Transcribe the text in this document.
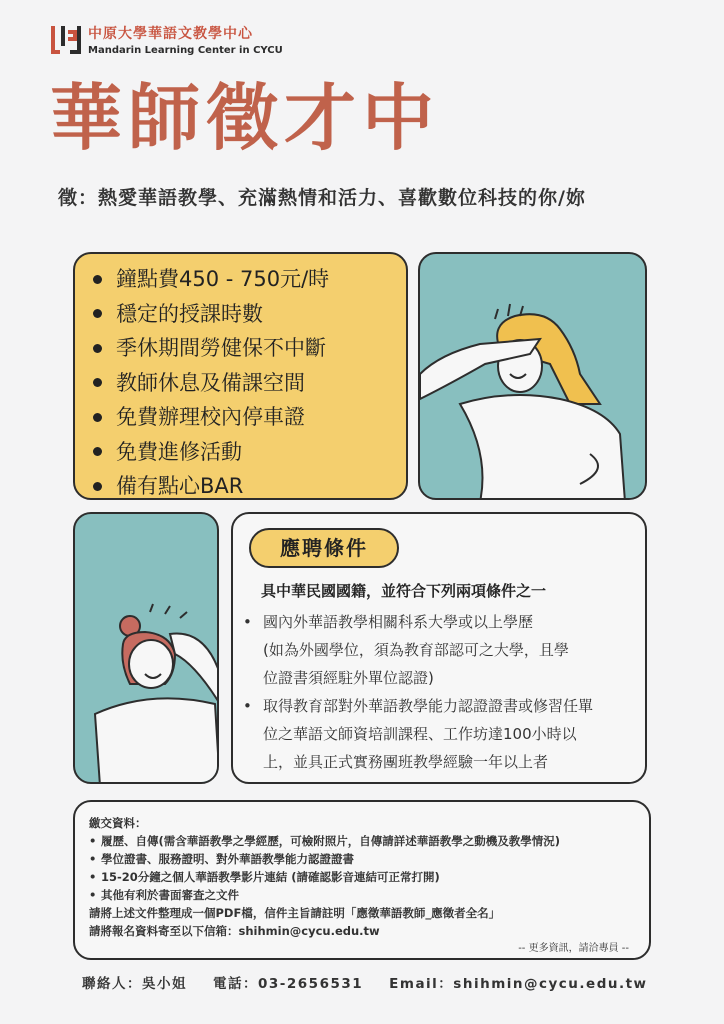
中原大學華語文教學中心
Mandarin Learning Center in CYCU
華師徵才中
徵：熱愛華語教學、充滿熱情和活力、喜歡數位科技的你/妳
鐘點費450 - 750元/時
穩定的授課時數
季休期間勞健保不中斷
教師休息及備課空間
免費辦理校內停車證
免費進修活動
備有點心BAR
應聘條件
具中華民國國籍，並符合下列兩項條件之一
• 國內外華語教學相關科系大學或以上學歷
(如為外國學位，須為教育部認可之大學，且學
位證書須經駐外單位認證)
• 取得教育部對外華語教學能力認證證書或修習任單
位之華語文師資培訓課程、工作坊達100小時以
上，並具正式實務團班教學經驗一年以上者

繳交資料：

• 履歷、自傳(需含華語教學之學經歷，可檢附照片，自傳請詳述華語教學之動機及教學情況)
• 學位證書、服務證明、對外華語教學能力認證證書
• 15-20分鐘之個人華語教學影片連結 (請確認影音連結可正常打開)
• 其他有利於書面審查之文件

請將上述文件整理成一個PDF檔，信件主旨請註明「應徵華語教師_應徵者全名」

請將報名資料寄至以下信箱：shihmin@cycu.edu.tw

-- 更多資訊，請洽專員 --
聯絡人：吳小姐 電話：03-2656531 Email：shihmin@cycu.edu.tw
